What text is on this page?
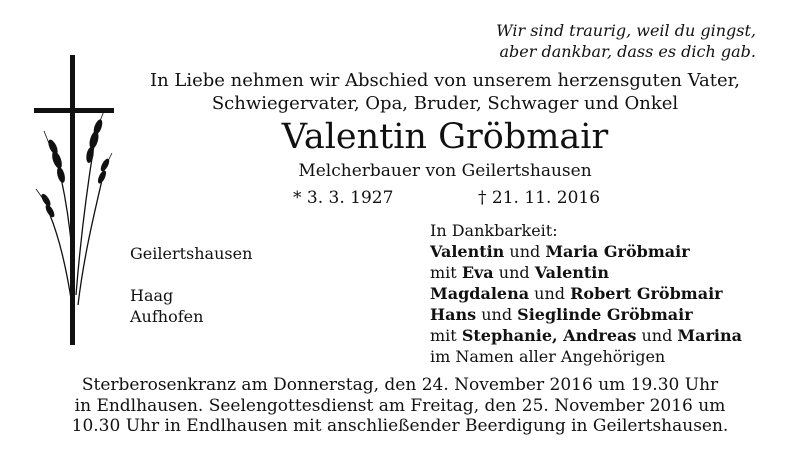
Wir sind traurig, weil du gingst,
aber dankbar, dass es dich gab.
In Liebe nehmen wir Abschied von unserem herzensguten Vater,
Schwiegervater, Opa, Bruder, Schwager und Onkel
Valentin Gröbmair
Melcherbauer von Geilertshausen
* 3. 3. 1927	† 21. 11. 2016
Geilertshausen
Haag
Aufhofen
In Dankbarkeit:
Valentin und Maria Gröbmair
mit Eva und Valentin
Magdalena und Robert Gröbmair
Hans und Sieglinde Gröbmair
mit Stephanie, Andreas und Marina
im Namen aller Angehörigen
Sterberosenkranz am Donnerstag, den 24. November 2016 um 19.30 Uhr
in Endlhausen. Seelengottesdienst am Freitag, den 25. November 2016 um
10.30 Uhr in Endlhausen mit anschließender Beerdigung in Geilertshausen.
